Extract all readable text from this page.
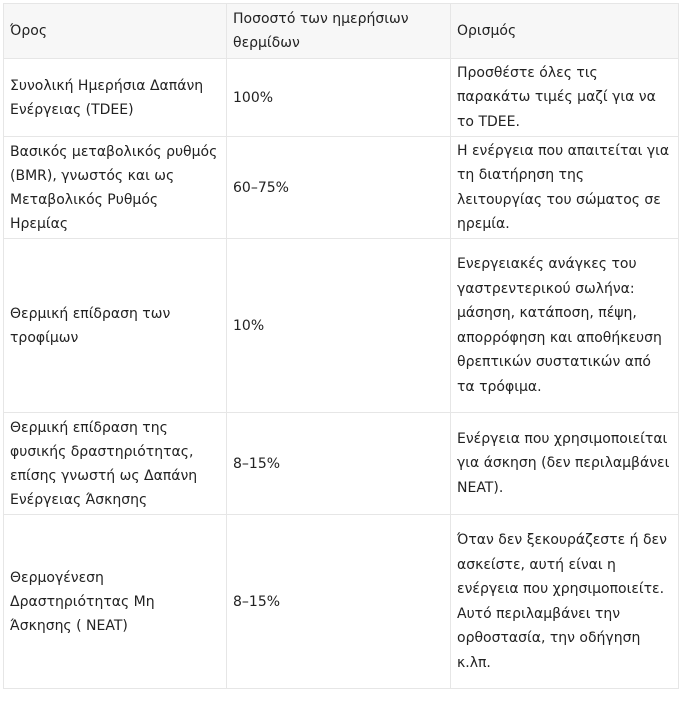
Όρος	Ποσοστό των ημερήσιων θερμίδων	Ορισμός
Συνολική Ημερήσια Δαπάνη Ενέργειας (TDEE)	100%	Προσθέστε όλες τις παρακάτω τιμές μαζί για να το TDEE.
Βασικός μεταβολικός ρυθμός (BMR), γνωστός και ως Μεταβολικός Ρυθμός Ηρεμίας	60–75%	Η ενέργεια που απαιτείται για τη διατήρηση της λειτουργίας του σώματος σε ηρεμία.
Θερμική επίδραση των τροφίμων	10%	Ενεργειακές ανάγκες του γαστρεντερικού σωλήνα: μάσηση, κατάποση, πέψη, απορρόφηση και αποθήκευση θρεπτικών συστατικών από τα τρόφιμα.
Θερμική επίδραση της φυσικής δραστηριότητας, επίσης γνωστή ως Δαπάνη Ενέργειας Άσκησης	8–15%	Ενέργεια που χρησιμοποιείται για άσκηση (δεν περιλαμβάνει NEAT).
Θερμογένεση Δραστηριότητας Μη Άσκησης ( NEAT)	8–15%	Όταν δεν ξεκουράζεστε ή δεν ασκείστε, αυτή είναι η ενέργεια που χρησιμοποιείτε. Αυτό περιλαμβάνει την ορθοστασία, την οδήγηση κ.λπ.
